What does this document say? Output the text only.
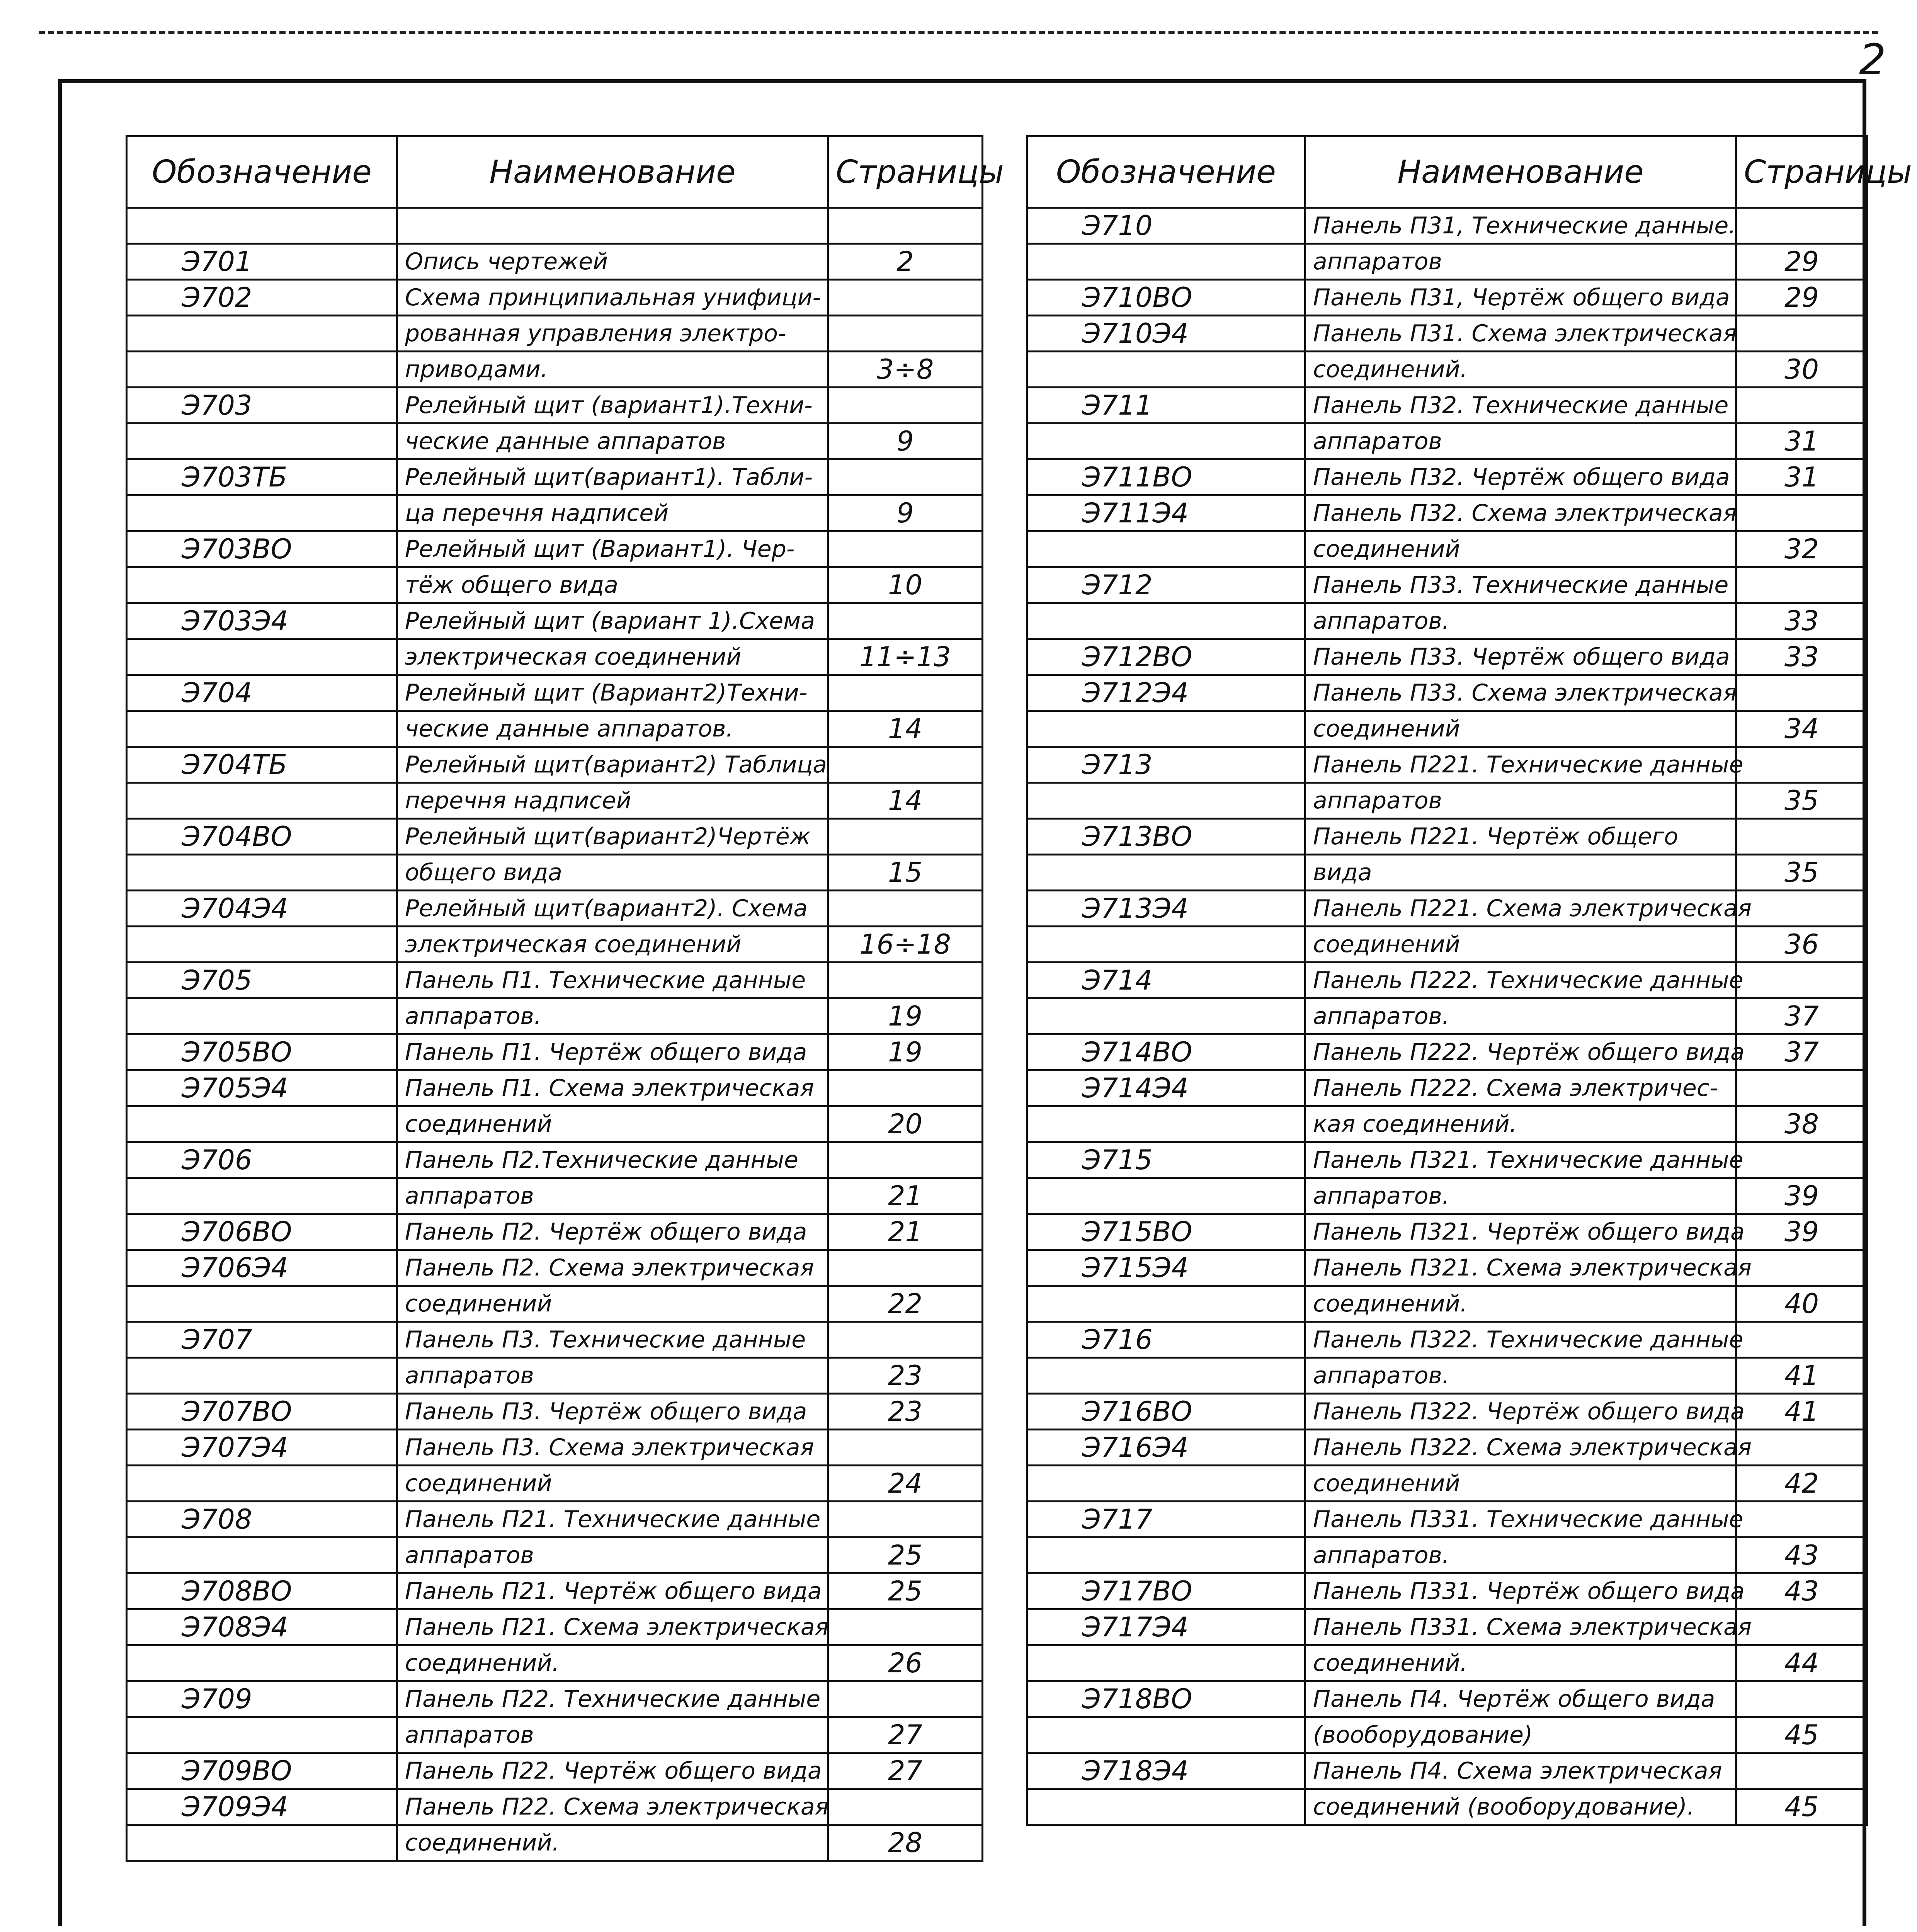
2
Обозначение	Наименование	Страницы

Э701	Опись чертежей	2
Э702	Схема принципиальная унифици-	
	рованная управления электро-	
	приводами.	3÷8
Э703	Релейный щит (вариант1).Техни-	
	ческие данные аппаратов	9
Э703ТБ	Релейный щит(вариант1). Табли-	
	ца перечня надписей	9
Э703ВО	Релейный щит (Вариант1). Чер-	
	тёж общего вида	10
Э703Э4	Релейный щит (вариант 1).Схема	
	электрическая соединений	11÷13
Э704	Релейный щит (Вариант2)Техни-	
	ческие данные аппаратов.	14
Э704ТБ	Релейный щит(вариант2) Таблица	
	перечня надписей	14
Э704ВО	Релейный щит(вариант2)Чертёж	
	общего вида	15
Э704Э4	Релейный щит(вариант2). Схема	
	электрическая соединений	16÷18
Э705	Панель П1. Технические данные	
	аппаратов.	19
Э705ВО	Панель П1. Чертёж общего вида	19
Э705Э4	Панель П1. Схема электрическая	
	соединений	20
Э706	Панель П2.Технические данные	
	аппаратов	21
Э706ВО	Панель П2. Чертёж общего вида	21
Э706Э4	Панель П2. Схема электрическая	
	соединений	22
Э707	Панель П3. Технические данные	
	аппаратов	23
Э707ВО	Панель П3. Чертёж общего вида	23
Э707Э4	Панель П3. Схема электрическая	
	соединений	24
Э708	Панель П21. Технические данные	
	аппаратов	25
Э708ВО	Панель П21. Чертёж общего вида	25
Э708Э4	Панель П21. Схема электрическая	
	соединений.	26
Э709	Панель П22. Технические данные	
	аппаратов	27
Э709ВО	Панель П22. Чертёж общего вида	27
Э709Э4	Панель П22. Схема электрическая	
	соединений.	28
Обозначение	Наименование	Страницы
Э710	Панель П31, Технические данные.	
	аппаратов	29
Э710ВО	Панель П31, Чертёж общего вида	29
Э710Э4	Панель П31. Схема электрическая	
	соединений.	30
Э711	Панель П32. Технические данные	
	аппаратов	31
Э711ВО	Панель П32. Чертёж общего вида	31
Э711Э4	Панель П32. Схема электрическая	
	соединений	32
Э712	Панель П33. Технические данные	
	аппаратов.	33
Э712ВО	Панель П33. Чертёж общего вида	33
Э712Э4	Панель П33. Схема электрическая	
	соединений	34
Э713	Панель П221. Технические данные	
	аппаратов	35
Э713ВО	Панель П221. Чертёж общего	
	вида	35
Э713Э4	Панель П221. Схема электрическая	
	соединений	36
Э714	Панель П222. Технические данные	
	аппаратов.	37
Э714ВО	Панель П222. Чертёж общего вида	37
Э714Э4	Панель П222. Схема электричес-	
	кая соединений.	38
Э715	Панель П321. Технические данные	
	аппаратов.	39
Э715ВО	Панель П321. Чертёж общего вида	39
Э715Э4	Панель П321. Схема электрическая	
	соединений.	40
Э716	Панель П322. Технические данные	
	аппаратов.	41
Э716ВО	Панель П322. Чертёж общего вида	41
Э716Э4	Панель П322. Схема электрическая	
	соединений	42
Э717	Панель П331. Технические данные	
	аппаратов.	43
Э717ВО	Панель П331. Чертёж общего вида	43
Э717Э4	Панель П331. Схема электрическая	
	соединений.	44
Э718ВО	Панель П4. Чертёж общего вида	
	(вооборудование)	45
Э718Э4	Панель П4. Схема электрическая	
	соединений (вооборудование).	45
